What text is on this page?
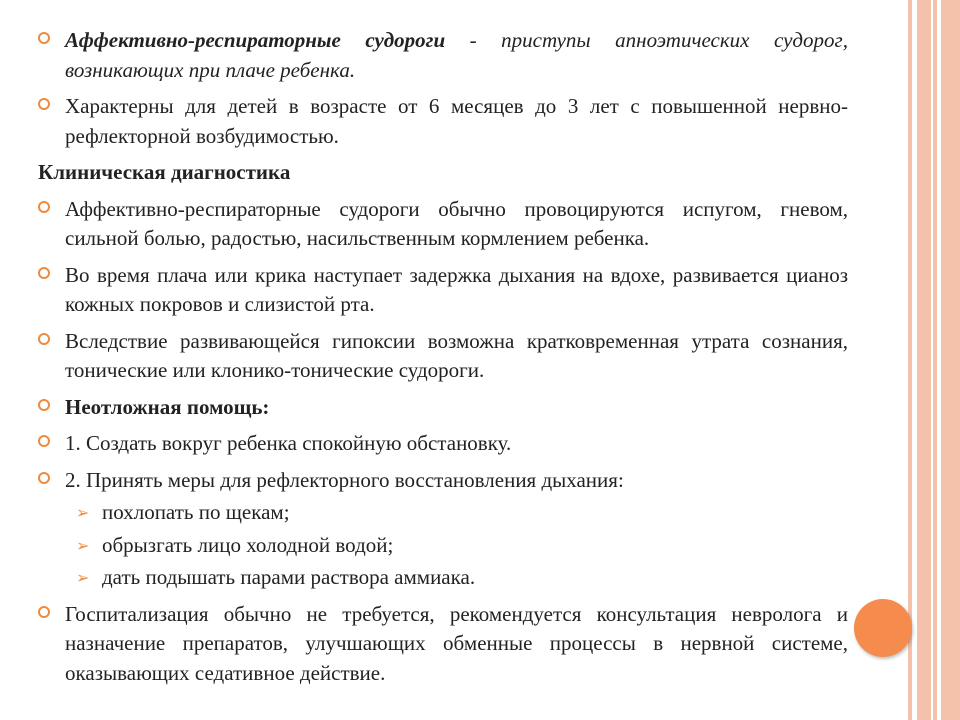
Аффективно-респираторные судороги - приступы апноэтических судорог, возникающих при плаче ребенка.
Характерны для детей в возрасте от 6 месяцев до 3 лет с повышенной нервно-рефлекторной возбудимостью.
Клиническая диагностика
Аффективно-респираторные судороги обычно провоцируются испугом, гневом, сильной болью, радостью, насильственным кормлением ребенка.
Во время плача или крика наступает задержка дыхания на вдохе, развивается цианоз кожных покровов и слизистой рта.
Вследствие развивающейся гипоксии возможна кратковременная утрата сознания, тонические или клонико-тонические судороги.
Неотложная помощь:
1. Создать вокруг ребенка спокойную обстановку.
2. Принять меры для рефлекторного восстановления дыхания:
➢ похлопать по щекам;
➢ обрызгать лицо холодной водой;
➢ дать подышать парами раствора аммиака.
Госпитализация обычно не требуется, рекомендуется консультация невролога и назначение препаратов, улучшающих обменные процессы в нервной системе, оказывающих седативное действие.
